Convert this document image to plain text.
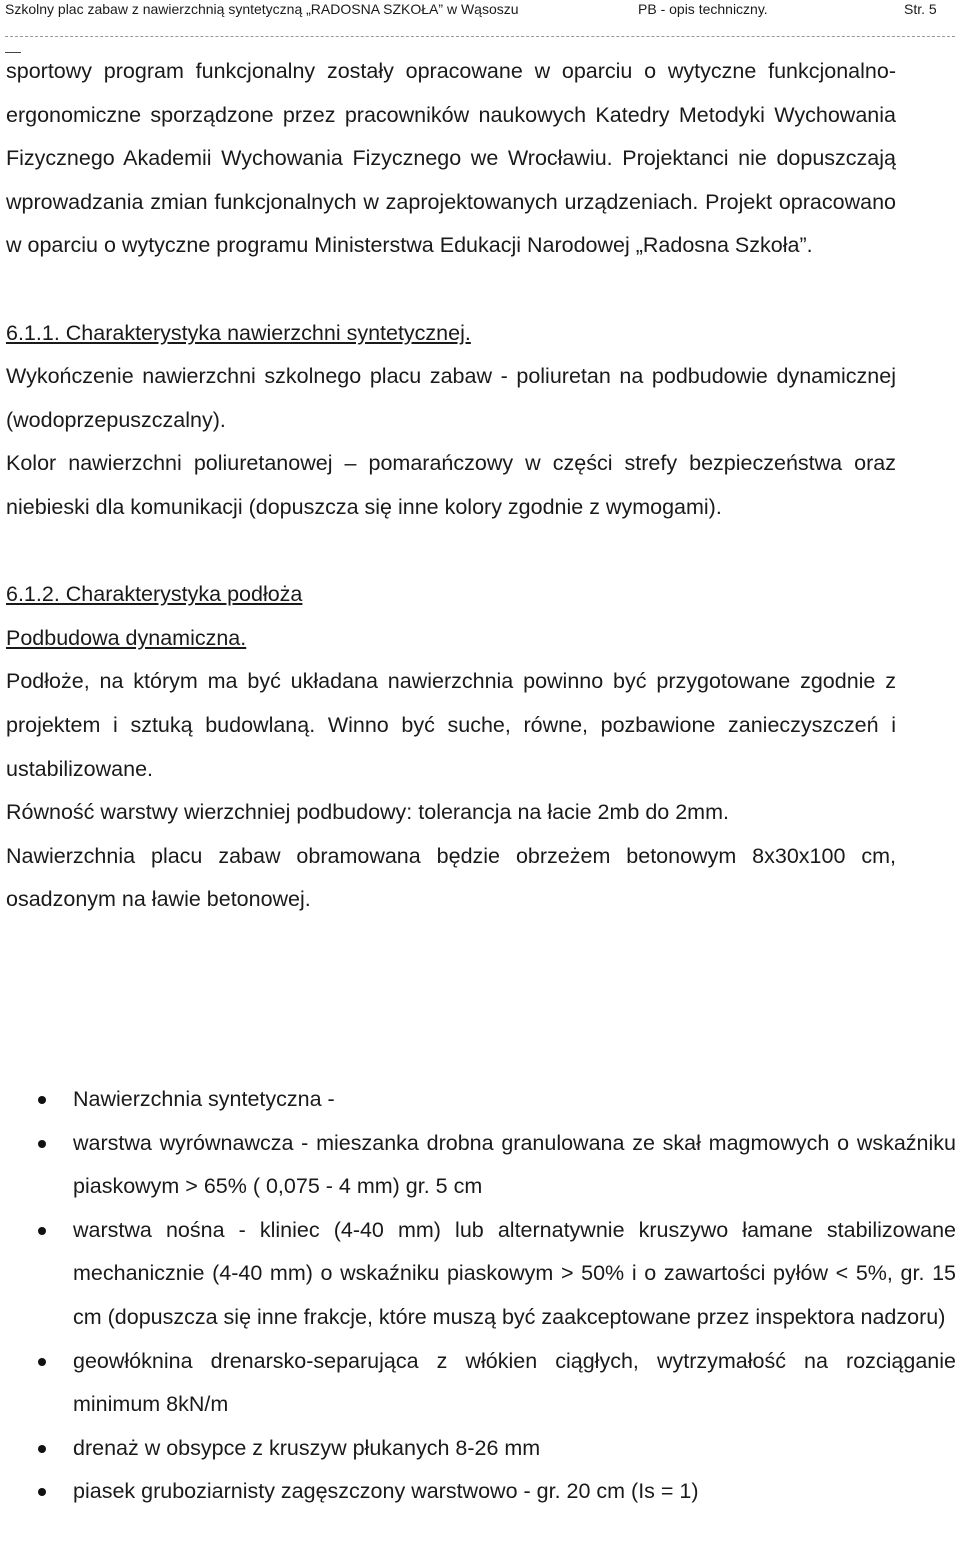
Szkolny plac zabaw z nawierzchnią syntetyczną „RADOSNA SZKOŁA” w Wąsoszu	PB - opis techniczny.	Str. 5

sportowy program funkcjonalny zostały opracowane w oparciu o wytyczne funkcjonalno-ergonomiczne sporządzone przez pracowników naukowych Katedry Metodyki Wychowania Fizycznego Akademii Wychowania Fizycznego we Wrocławiu. Projektanci nie dopuszczają wprowadzania zmian funkcjonalnych w zaprojektowanych urządzeniach. Projekt opracowano w oparciu o wytyczne programu Ministerstwa Edukacji Narodowej „Radosna Szkoła”.

6.1.1. Charakterystyka nawierzchni syntetycznej.

Wykończenie nawierzchni szkolnego placu zabaw - poliuretan na podbudowie dynamicznej (wodoprzepuszczalny).

Kolor nawierzchni poliuretanowej – pomarańczowy w części strefy bezpieczeństwa oraz niebieski dla komunikacji (dopuszcza się inne kolory zgodnie z wymogami).

6.1.2. Charakterystyka podłoża

Podbudowa dynamiczna.

Podłoże, na którym ma być układana nawierzchnia powinno być przygotowane zgodnie z projektem i sztuką budowlaną. Winno być suche, równe, pozbawione zanieczyszczeń i ustabilizowane.

Równość warstwy wierzchniej podbudowy: tolerancja na łacie 2mb do 2mm.

Nawierzchnia placu zabaw obramowana będzie obrzeżem betonowym 8x30x100 cm, osadzonym na ławie betonowej.

Nawierzchnia syntetyczna -
warstwa wyrównawcza - mieszanka drobna granulowana ze skał magmowych o wskaźniku piaskowym > 65% ( 0,075 - 4 mm) gr. 5 cm
warstwa nośna - kliniec (4-40 mm) lub alternatywnie kruszywo łamane stabilizowane mechanicznie (4-40 mm) o wskaźniku piaskowym > 50% i o zawartości pyłów < 5%, gr. 15 cm (dopuszcza się inne frakcje, które muszą być zaakceptowane przez inspektora nadzoru)
geowłóknina drenarsko-separująca z włókien ciągłych, wytrzymałość na rozciąganie minimum 8kN/m
drenaż w obsypce z kruszyw płukanych 8-26 mm
piasek gruboziarnisty zagęszczony warstwowo - gr. 20 cm (Is = 1)
